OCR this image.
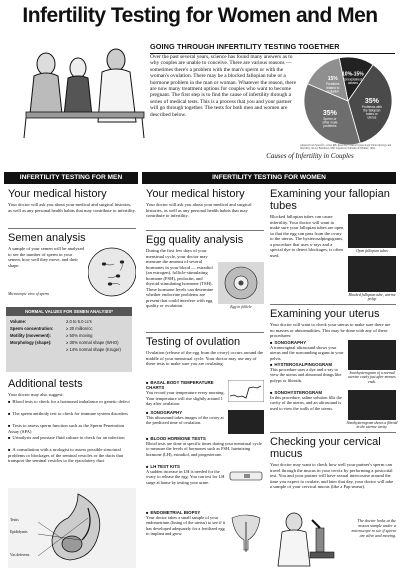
Infertility Testing for Women and Men
GOING THROUGH INFERTILITY TESTING TOGETHER
Over the past several years, science has found many answers as to why couples are unable to conceive. There are various reasons — sometimes there's a problem with the man's sperm or with the woman's ovulation. There may be a blocked fallopian tube or a hormone problem in the man or woman. Whatever the reason, there are now many treatment options for couples who want to become pregnant. The first step is to find the cause of infertility through a series of medical tests. This is a process that you and your partner will go through together. The tests for both men and women are described below.
10%-15%
Unexplained
causes
35%
Problems with
the fallopian
tubes or
uterus
35%
Sperm or
other male
problems
15%
Problems
related to
ovulation
Adapted from Speroff L, Glass RH, Kase NG. Clinical Gynecologic Endocrinology and Infertility. 5th ed. Baltimore, MD: Lippincott Williams & Wilkins; 1994.
Causes of Infertility in Couples
INFERTILITY TESTING FOR MEN	INFERTILITY TESTING FOR WOMEN
Your medical history
Your doctor will ask you about your medical and surgical histories, as well as any personal health habits that may contribute to infertility.
Semen analysis
A sample of your semen will be analyzed to see the number of sperm in your semen, how well they move, and their shape.
Microscopic view of sperm
NORMAL VALUES FOR SEMEN ANALYSIS*
Volume:	2.0 to 5.0 cc's
Sperm concentration:	≥ 20 million/cc
Motility (movement):	≥ 50% moving
Morphology (shape):	≥ 30% normal shape (WHO)
≥ 14% normal shape (Kruger)
Additional tests
Your doctor may also suggest:
■ Blood tests to check for a hormonal imbalance or genetic defect
■ The sperm antibody test to check for immune system disorders
■ Tests to assess sperm function such as the Sperm Penetration Assay (SPA)
■ Urinalysis and prostate fluid culture to check for an infection
■ A consultation with a urologist to assess possible structural problems or blockages of the seminal vesicles or the ducts that transport the seminal vesicles to the ejaculatory duct
Testis
Epididymis
Vas deferens
Your medical history
Your doctor will ask you about your medical and surgical histories, as well as any personal health habits that may contribute to infertility.
Egg quality analysis
During the first few days of your menstrual cycle, your doctor may measure the amount of several hormones in your blood — estradiol (an estrogen), follicle-stimulating hormone (FSH), prolactin, and thyroid stimulating hormone (TSH). These hormone levels can determine whether endocrine problems are present that could interfere with egg quality or ovulation.	Egg in follicle
Testing of ovulation
Ovulation (release of the egg from the ovary) occurs around the middle of your menstrual cycle. Your doctor may use any of these tests to make sure you are ovulating.
■ BASAL BODY TEMPERATURE CHARTS
You record your temperature every morning. Your temperature will rise slightly around 1 day after ovulation.
■ SONOGRAPHY
This ultrasound takes images of the ovary at the predicted time of ovulation.
■ BLOOD HORMONE TESTS
Blood tests are done at specific times during your menstrual cycle to measure the levels of hormones such as FSH, luteinizing hormone (LH), estradiol, and progesterone.
■ LH TEST KITS
A sudden increase in LH is needed for the ovary to release the egg. You can test for LH surge at home by testing your urine.
■ ENDOMETRIAL BIOPSY
Your doctor takes a small sample of your endometrium (lining of the uterus) to see if it has developed adequately for a fertilized egg to implant and grow.
Examining your fallopian tubes
Blocked fallopian tubes can cause infertility. Your doctor will want to make sure your fallopian tubes are open so that the egg can pass from the ovary to the uterus. The hysterosalpingogram, a procedure that uses x-rays and a special dye to detect blockages, is often used.
Open fallopian tubes
Blocked fallopian tube, uterine polyp
Examining your uterus
Your doctor will want to check your uterus to make sure there are no masses or abnormalities. This may be done with any of these procedures:
■ SONOGRAPHY
A transvaginal ultrasound shows your uterus and the surrounding organs in your pelvis.
■ HYSTEROSALPINGOGRAM
This procedure uses a dye and x-ray to view the uterus and abnormal things like polyps or fibroids.
■ SONOHYSTEROGRAM
In this procedure, saline solution fills the cavity of the uterus, and an ultrasound is used to view the walls of the uterus.
Sonohysterogram of a normal uterine cavity just after menses ends.
Sonohysterogram shows a fibroid in the uterine cavity.
Checking your cervical mucus
Your doctor may want to check how well your partner's sperm can travel through the mucus in your cervix by performing a postcoital test. You and your partner will have sexual intercourse around the time you expect to ovulate, and later that day, your doctor will take a sample of your cervical mucus (like a Pap smear).
The doctor looks at the mucus sample under a microscope to see if sperm are alive and moving.
